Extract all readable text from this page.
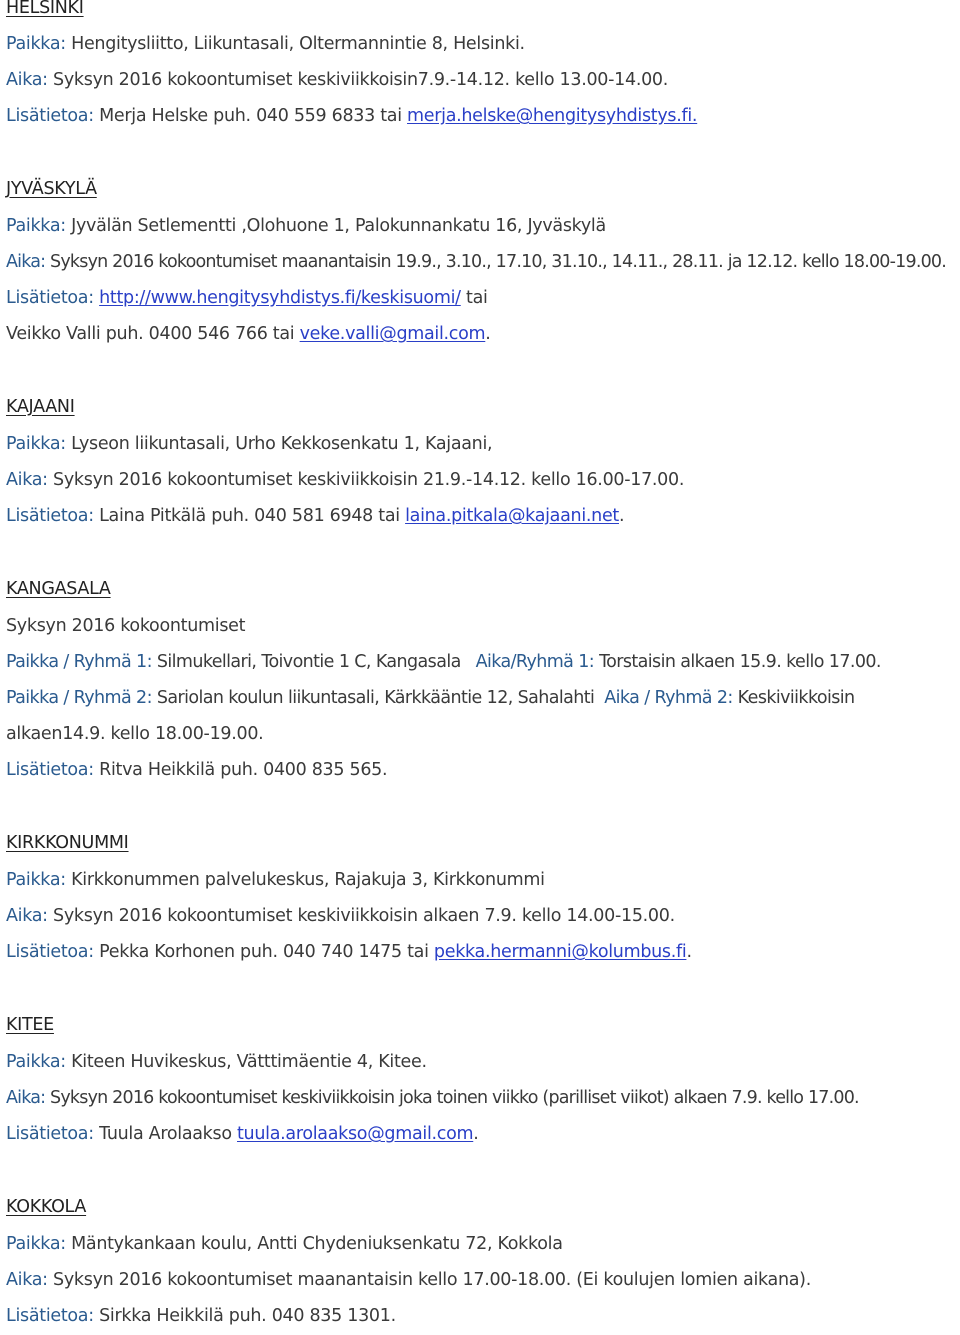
HELSINKI

Paikka: Hengitysliitto, Liikuntasali, Oltermannintie 8, Helsinki.

Aika: Syksyn 2016 kokoontumiset keskiviikkoisin7.9.-14.12. kello 13.00-14.00.

Lisätietoa: Merja Helske puh. 040 559 6833 tai merja.helske@hengitysyhdistys.fi.

JYVÄSKYLÄ

Paikka: Jyvälän Setlementti ,Olohuone 1, Palokunnankatu 16, Jyväskylä

Aika: Syksyn 2016 kokoontumiset maanantaisin 19.9., 3.10., 17.10, 31.10., 14.11., 28.11. ja 12.12. kello 18.00-19.00.

Lisätietoa: http://www.hengitysyhdistys.fi/keskisuomi/ tai

Veikko Valli puh. 0400 546 766 tai veke.valli@gmail.com.

KAJAANI

Paikka: Lyseon liikuntasali, Urho Kekkosenkatu 1, Kajaani,

Aika: Syksyn 2016 kokoontumiset keskiviikkoisin 21.9.-14.12. kello 16.00-17.00.

Lisätietoa: Laina Pitkälä puh. 040 581 6948 tai laina.pitkala@kajaani.net.

KANGASALA

Syksyn 2016 kokoontumiset

Paikka / Ryhmä 1: Silmukellari, Toivontie 1 C, Kangasala Aika/Ryhmä 1: Torstaisin alkaen 15.9. kello 17.00.

Paikka / Ryhmä 2: Sariolan koulun liikuntasali, Kärkkääntie 12, Sahalahti Aika / Ryhmä 2: Keskiviikkoisin

alkaen14.9. kello 18.00-19.00.

Lisätietoa: Ritva Heikkilä puh. 0400 835 565.

KIRKKONUMMI

Paikka: Kirkkonummen palvelukeskus, Rajakuja 3, Kirkkonummi

Aika: Syksyn 2016 kokoontumiset keskiviikkoisin alkaen 7.9. kello 14.00-15.00.

Lisätietoa: Pekka Korhonen puh. 040 740 1475 tai pekka.hermanni@kolumbus.fi.

KITEE

Paikka: Kiteen Huvikeskus, Vätttimäentie 4, Kitee.

Aika: Syksyn 2016 kokoontumiset keskiviikkoisin joka toinen viikko (parilliset viikot) alkaen 7.9. kello 17.00.

Lisätietoa: Tuula Arolaakso tuula.arolaakso@gmail.com.

KOKKOLA

Paikka: Mäntykankaan koulu, Antti Chydeniuksenkatu 72, Kokkola

Aika: Syksyn 2016 kokoontumiset maanantaisin kello 17.00-18.00. (Ei koulujen lomien aikana).

Lisätietoa: Sirkka Heikkilä puh. 040 835 1301.
